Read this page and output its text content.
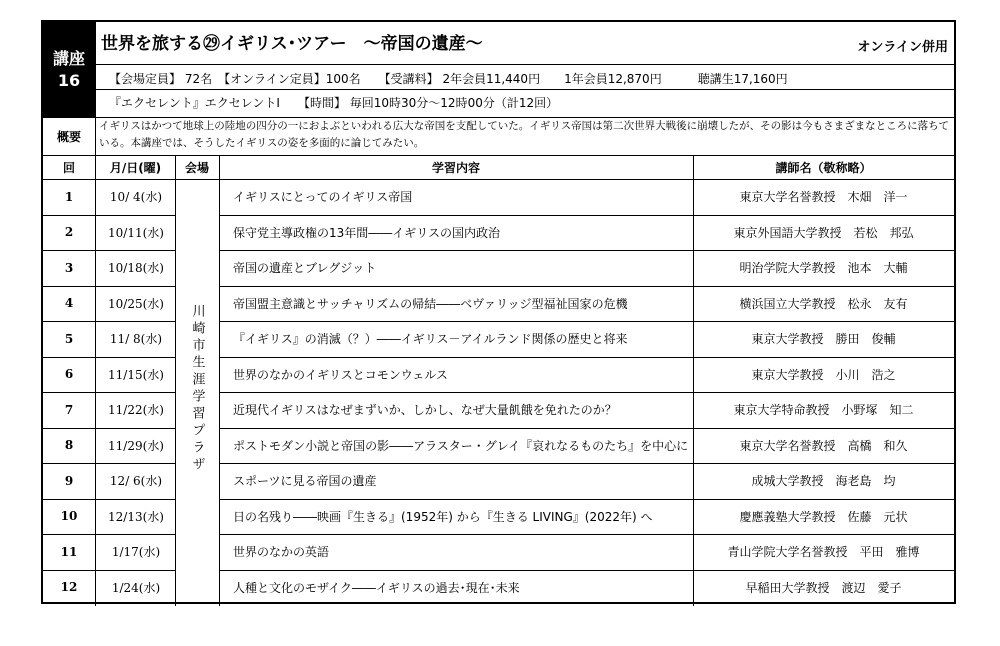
講座
16
世界を旅する㉙イギリス･ツアー　～帝国の遺産～	オンライン併用
【会場定員】 72名　【オンライン定員】100名　　【受講料】 2年会員11,440円　　1年会員12,870円　　　聴講生17,160円
『エクセレント』エクセレントⅠ　　【時間】 毎回10時30分～12時00分（計12回）
概要
イギリスはかつて地球上の陸地の四分の一におよぶといわれる広大な帝国を支配していた。イギリス帝国は第二次世界大戦後に崩壊したが、その影は今もさまざまなところに落ちている。本講座では、そうしたイギリスの姿を多面的に論じてみたい。
回	月/日(曜)	会場	学習内容	講師名（敬称略）
川崎市生涯学習プラザ
1	10/ 4(水)	イギリスにとってのイギリス帝国	東京大学名誉教授　木畑　洋一
2	10/11(水)	保守党主導政権の13年間――イギリスの国内政治	東京外国語大学教授　若松　邦弘
3	10/18(水)	帝国の遺産とブレグジット	明治学院大学教授　池本　大輔
4	10/25(水)	帝国盟主意識とサッチャリズムの帰結――ベヴァリッジ型福祉国家の危機	横浜国立大学教授　松永　友有
5	11/ 8(水)	『イギリス』の消滅（？）――イギリス－アイルランド関係の歴史と将来	東京大学教授　勝田　俊輔
6	11/15(水)	世界のなかのイギリスとコモンウェルス	東京大学教授　小川　浩之
7	11/22(水)	近現代イギリスはなぜまずいか、しかし、なぜ大量飢餓を免れたのか？	東京大学特命教授　小野塚　知二
8	11/29(水)	ポストモダン小説と帝国の影――アラスター・グレイ『哀れなるものたち』を中心に	東京大学名誉教授　高橋　和久
9	12/ 6(水)	スポーツに見る帝国の遺産	成城大学教授　海老島　均
10	12/13(水)	日の名残り――映画『生きる』(1952年) から『生きる LIVING』(2022年) へ	慶應義塾大学教授　佐藤　元状
11	1/17(水)	世界のなかの英語	青山学院大学名誉教授　平田　雅博
12	1/24(水)	人種と文化のモザイク――イギリスの過去･現在･未来	早稲田大学教授　渡辺　愛子
